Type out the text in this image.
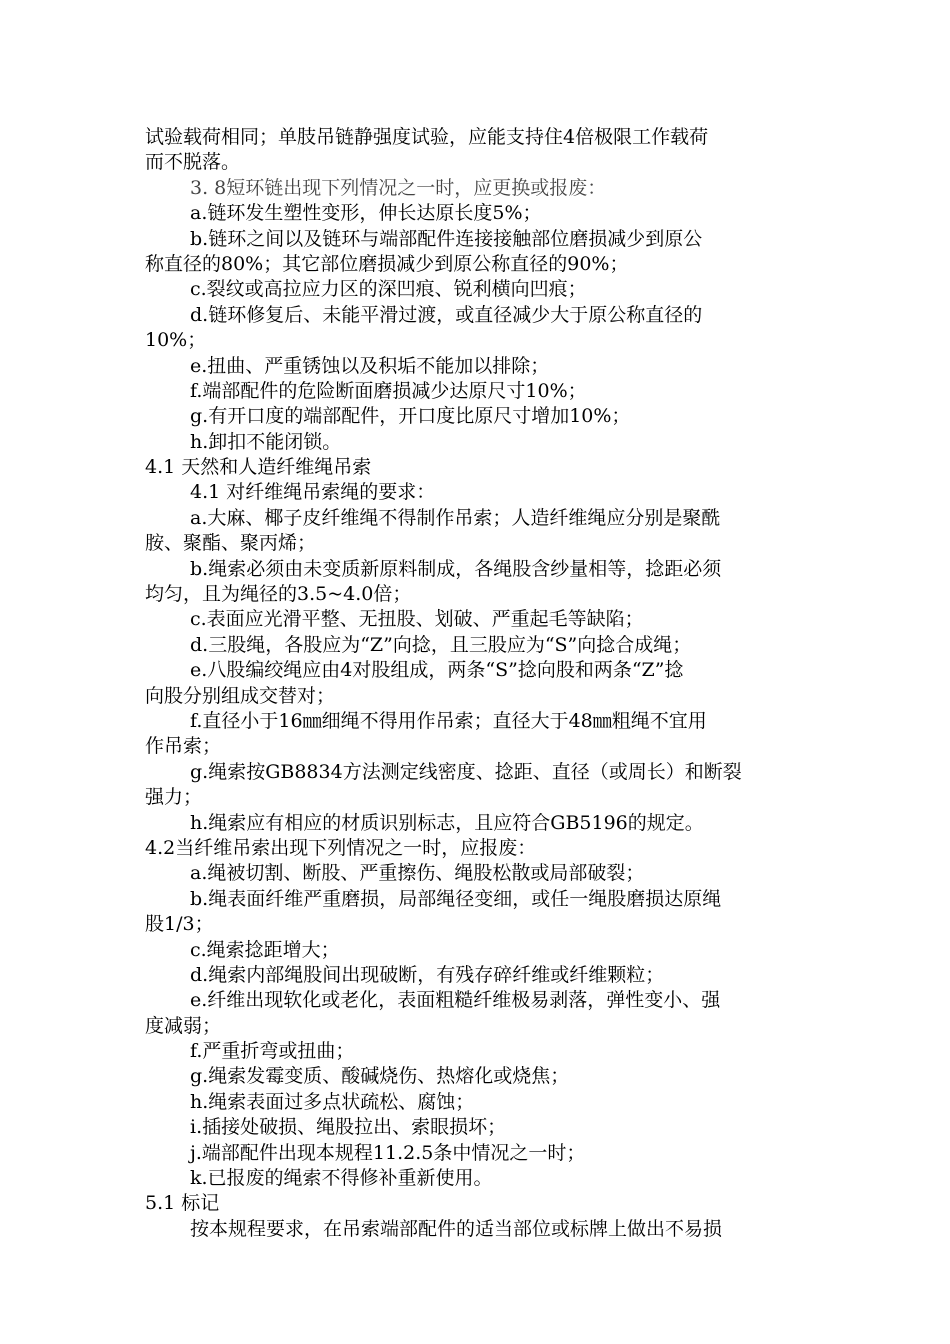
试验载荷相同；单肢吊链静强度试验，应能支持住4倍极限工作载荷
而不脱落。
3. 8短环链出现下列情况之一时，应更换或报废：
a.链环发生塑性变形，伸长达原长度5%；
b.链环之间以及链环与端部配件连接接触部位磨损减少到原公
称直径的80%；其它部位磨损减少到原公称直径的90%；
c.裂纹或高拉应力区的深凹痕、锐利横向凹痕；
d.链环修复后、未能平滑过渡，或直径减少大于原公称直径的
10%；
e.扭曲、严重锈蚀以及积垢不能加以排除；
f.端部配件的危险断面磨损减少达原尺寸10%；
g.有开口度的端部配件，开口度比原尺寸增加10%；
h.卸扣不能闭锁。
4.1 天然和人造纤维绳吊索
4.1 对纤维绳吊索绳的要求：
a.大麻、椰子皮纤维绳不得制作吊索；人造纤维绳应分别是聚酰
胺、聚酯、聚丙烯；
b.绳索必须由未变质新原料制成，各绳股含纱量相等，捻距必须
均匀，且为绳径的3.5~4.0倍；
c.表面应光滑平整、无扭股、划破、严重起毛等缺陷；
d.三股绳，各股应为“Z”向捻，且三股应为“S”向捻合成绳；
e.八股编绞绳应由4对股组成，两条“S”捻向股和两条“Z”捻
向股分别组成交替对；
f.直径小于16㎜细绳不得用作吊索；直径大于48㎜粗绳不宜用
作吊索；
g.绳索按GB8834方法测定线密度、捻距、直径（或周长）和断裂
强力；
h.绳索应有相应的材质识别标志，且应符合GB5196的规定。
4.2当纤维吊索出现下列情况之一时，应报废：
a.绳被切割、断股、严重擦伤、绳股松散或局部破裂；
b.绳表面纤维严重磨损，局部绳径变细，或任一绳股磨损达原绳
股1/3；
c.绳索捻距增大；
d.绳索内部绳股间出现破断，有残存碎纤维或纤维颗粒；
e.纤维出现软化或老化，表面粗糙纤维极易剥落，弹性变小、强
度减弱；
f.严重折弯或扭曲；
g.绳索发霉变质、酸碱烧伤、热熔化或烧焦；
h.绳索表面过多点状疏松、腐蚀；
i.插接处破损、绳股拉出、索眼损坏；
j.端部配件出现本规程11.2.5条中情况之一时；
k.已报废的绳索不得修补重新使用。
5.1 标记
按本规程要求，在吊索端部配件的适当部位或标牌上做出不易损
